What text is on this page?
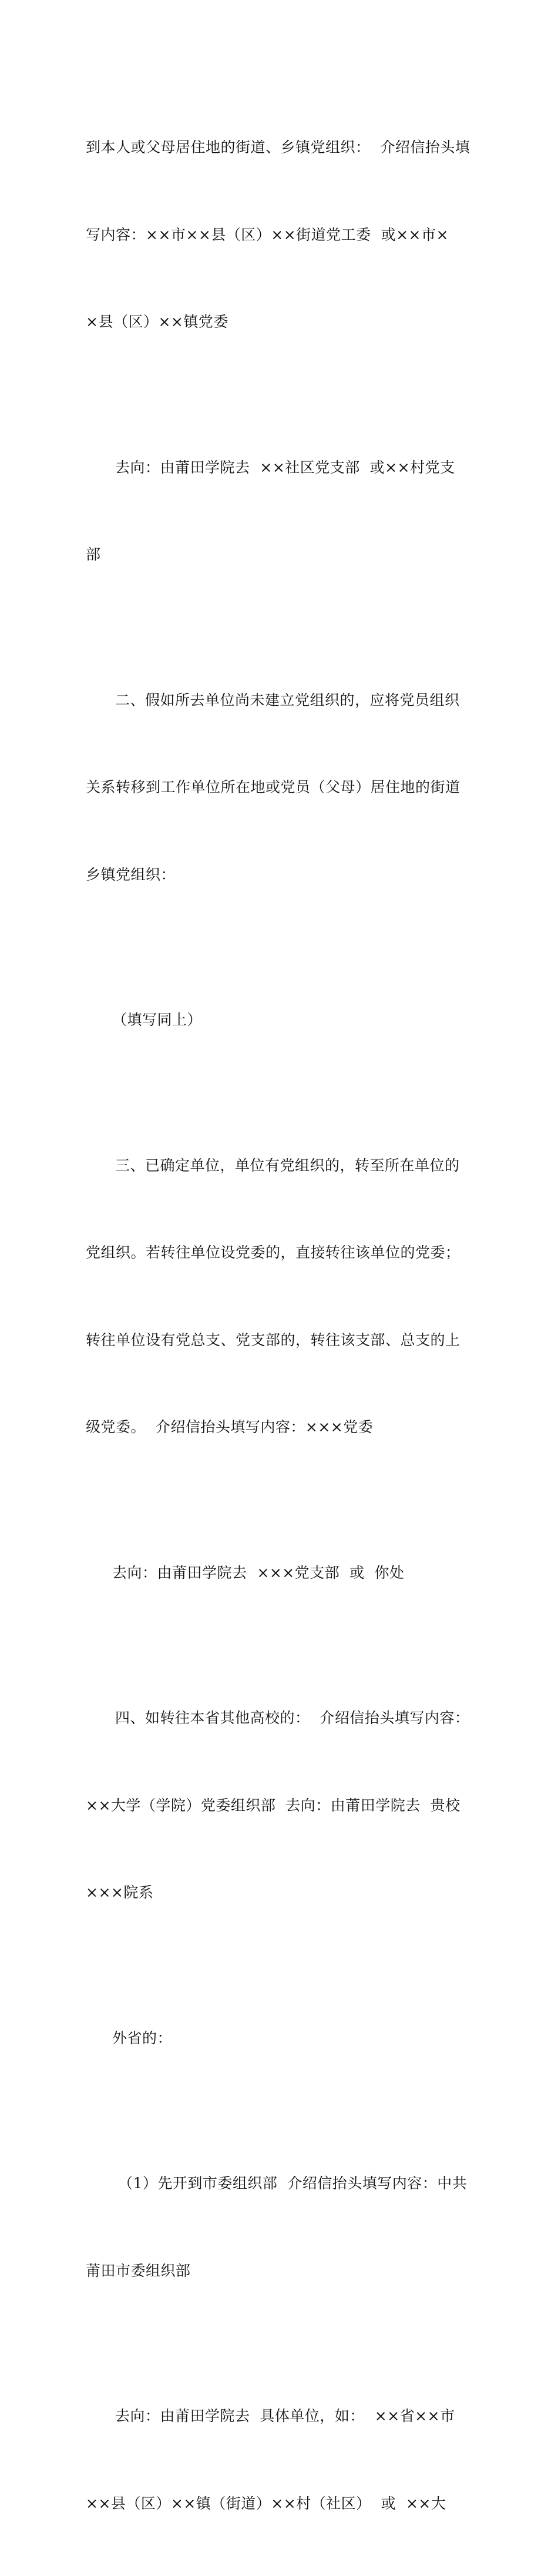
到本人或父母居住地的街道、乡镇党组织：  介绍信抬头填

写内容：××市××县（区）××街道党工委  或××市×

×县（区）××镇党委

去向：由莆田学院去  ××社区党支部  或××村党支

部

二、假如所去单位尚未建立党组织的，应将党员组织

关系转移到工作单位所在地或党员（父母）居住地的街道

乡镇党组织：

（填写同上）

三、已确定单位，单位有党组织的，转至所在单位的

党组织。若转往单位设党委的，直接转往该单位的党委；

转往单位设有党总支、党支部的，转往该支部、总支的上

级党委。  介绍信抬头填写内容：×××党委

去向：由莆田学院去  ×××党支部  或  你处

四、如转往本省其他高校的：  介绍信抬头填写内容：

××大学（学院）党委组织部  去向：由莆田学院去  贵校

×××院系

外省的：

（1）先开到市委组织部  介绍信抬头填写内容：中共

莆田市委组织部

去向：由莆田学院去  具体单位，如：  ××省××市

××县（区）××镇（街道）××村（社区）  或  ××大
